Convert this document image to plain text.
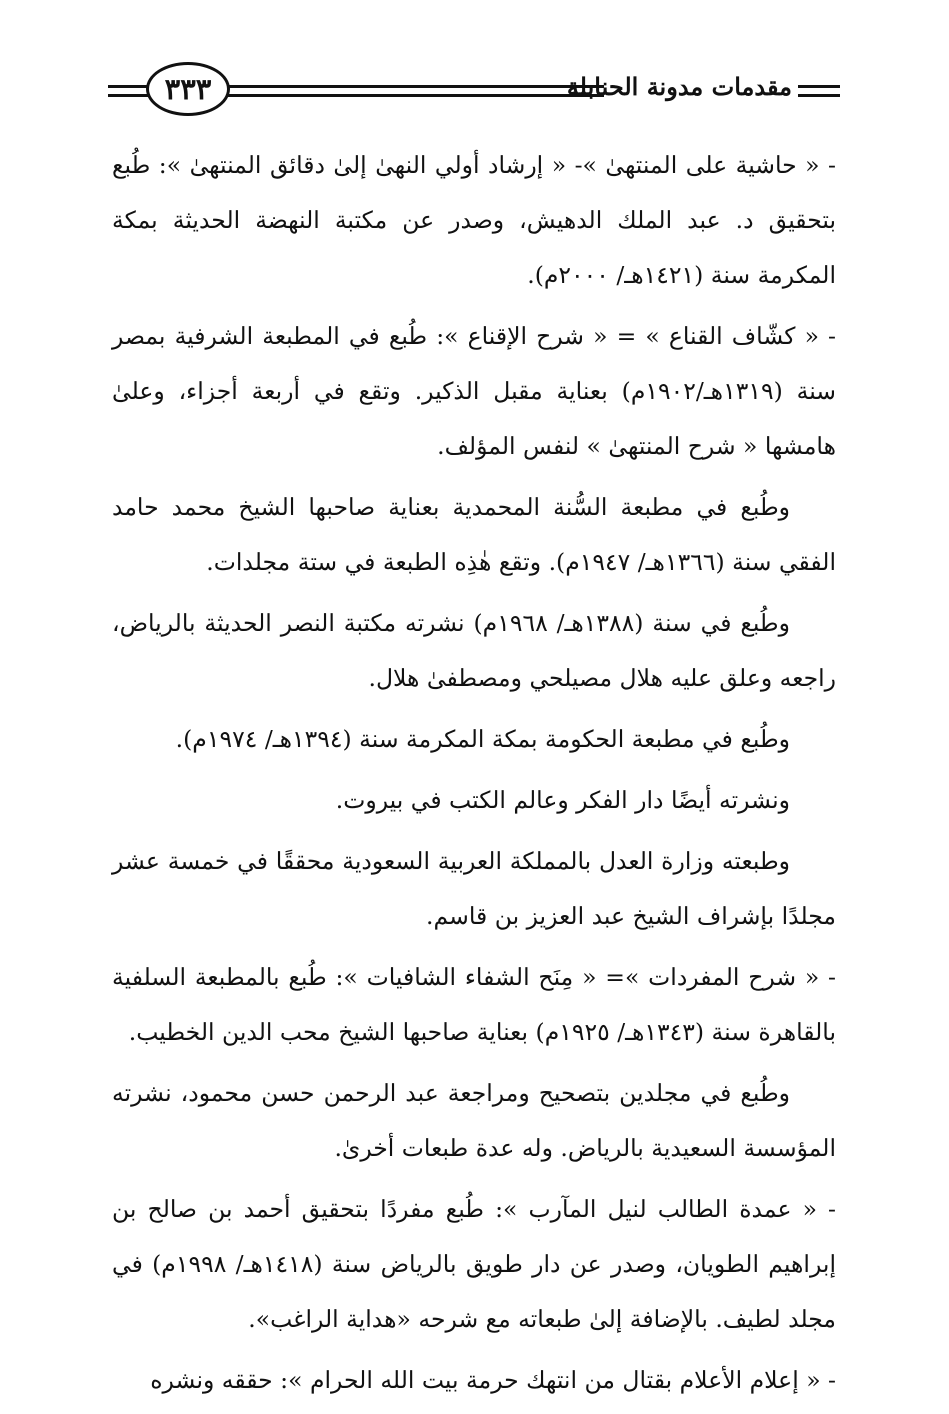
٣٣٣	مقدمات مدونة الحنابلة

- « حاشية على المنتهىٰ »- « إرشاد أولي النهىٰ إلىٰ دقائق المنتهىٰ »: طُبع بتحقيق د. عبد الملك الدهيش، وصدر عن مكتبة النهضة الحديثة بمكة المكرمة سنة (١٤٢١هـ/ ٢٠٠٠م).

- « كشّاف القناع » = « شرح الإقناع »: طُبع في المطبعة الشرفية بمصر سنة (١٣١٩هـ/١٩٠٢م) بعناية مقبل الذكير. وتقع في أربعة أجزاء، وعلىٰ هامشها « شرح المنتهىٰ » لنفس المؤلف.

وطُبع في مطبعة السُّنة المحمدية بعناية صاحبها الشيخ محمد حامد الفقي سنة (١٣٦٦هـ/ ١٩٤٧م). وتقع هٰذِه الطبعة في ستة مجلدات.

وطُبع في سنة (١٣٨٨هـ/ ١٩٦٨م) نشرته مكتبة النصر الحديثة بالرياض، راجعه وعلق عليه هلال مصيلحي ومصطفىٰ هلال.

وطُبع في مطبعة الحكومة بمكة المكرمة سنة (١٣٩٤هـ/ ١٩٧٤م).

ونشرته أيضًا دار الفكر وعالم الكتب في بيروت.

وطبعته وزارة العدل بالمملكة العربية السعودية محققًا في خمسة عشر مجلدًا بإشراف الشيخ عبد العزيز بن قاسم.

- « شرح المفردات »= « مِنَح الشفاء الشافيات »: طُبع بالمطبعة السلفية بالقاهرة سنة (١٣٤٣هـ/ ١٩٢٥م) بعناية صاحبها الشيخ محب الدين الخطيب.

وطُبع في مجلدين بتصحيح ومراجعة عبد الرحمن حسن محمود، نشرته المؤسسة السعيدية بالرياض. وله عدة طبعات أخرىٰ.

- « عمدة الطالب لنيل المآرب »: طُبع مفردًا بتحقيق أحمد بن صالح بن إبراهيم الطويان، وصدر عن دار طويق بالرياض سنة (١٤١٨هـ/ ١٩٩٨م) في مجلد لطيف. بالإضافة إلىٰ طبعاته مع شرحه «هداية الراغب».

- « إعلام الأعلام بقتال من انتهك حرمة بيت الله الحرام »: حققه ونشره
